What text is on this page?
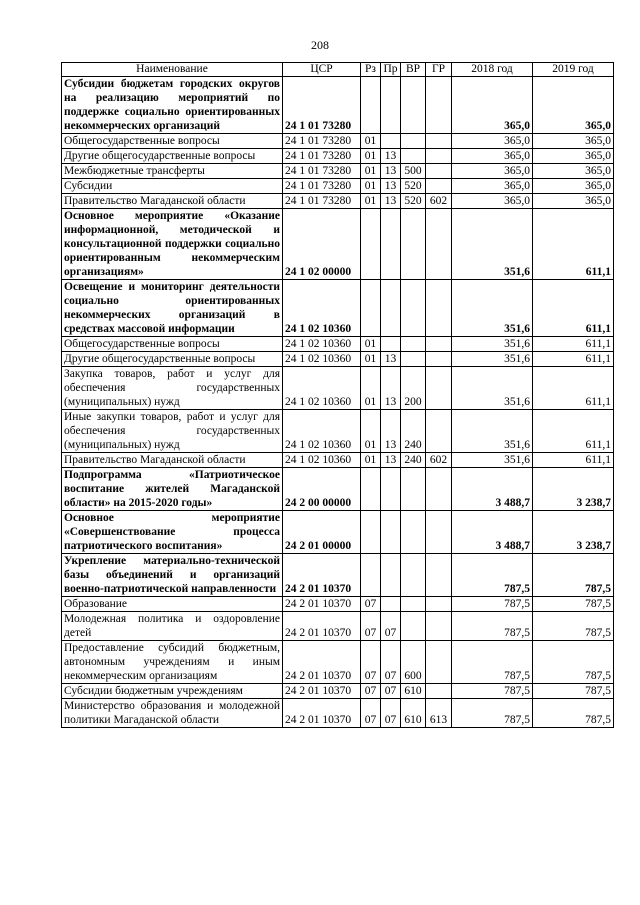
208
Наименование	ЦСР	Рз	Пр	ВР	ГР	2018 год	2019 год
Субсидии бюджетам городских округов на реализацию мероприятий по поддержке социально ориентированных некоммерческих организаций	24 1 01 73280					365,0	365,0
Общегосударственные вопросы	24 1 01 73280	01				365,0	365,0
Другие общегосударственные вопросы	24 1 01 73280	01	13			365,0	365,0
Межбюджетные трансферты	24 1 01 73280	01	13	500		365,0	365,0
Субсидии	24 1 01 73280	01	13	520		365,0	365,0
Правительство Магаданской области	24 1 01 73280	01	13	520	602	365,0	365,0
Основное мероприятие «Оказание информационной, методической и консультационной поддержки социально ориентированным некоммерческим организациям»	24 1 02 00000					351,6	611,1
Освещение и мониторинг деятельности социально ориентированных некоммерческих организаций в средствах массовой информации	24 1 02 10360					351,6	611,1
Общегосударственные вопросы	24 1 02 10360	01				351,6	611,1
Другие общегосударственные вопросы	24 1 02 10360	01	13			351,6	611,1
Закупка товаров, работ и услуг для обеспечения государственных (муниципальных) нужд	24 1 02 10360	01	13	200		351,6	611,1
Иные закупки товаров, работ и услуг для обеспечения государственных (муниципальных) нужд	24 1 02 10360	01	13	240		351,6	611,1
Правительство Магаданской области	24 1 02 10360	01	13	240	602	351,6	611,1
Подпрограмма «Патриотическое воспитание жителей Магаданской области» на 2015-2020 годы»	24 2 00 00000					3 488,7	3 238,7
Основное мероприятие «Совершенствование процесса патриотического воспитания»	24 2 01 00000					3 488,7	3 238,7
Укрепление материально-технической базы объединений и организаций военно-патриотической направленности	24 2 01 10370					787,5	787,5
Образование	24 2 01 10370	07				787,5	787,5
Молодежная политика и оздоровление детей	24 2 01 10370	07	07			787,5	787,5
Предоставление субсидий бюджетным, автономным учреждениям и иным некоммерческим организациям	24 2 01 10370	07	07	600		787,5	787,5
Субсидии бюджетным учреждениям	24 2 01 10370	07	07	610		787,5	787,5
Министерство образования и молодежной политики Магаданской области	24 2 01 10370	07	07	610	613	787,5	787,5
